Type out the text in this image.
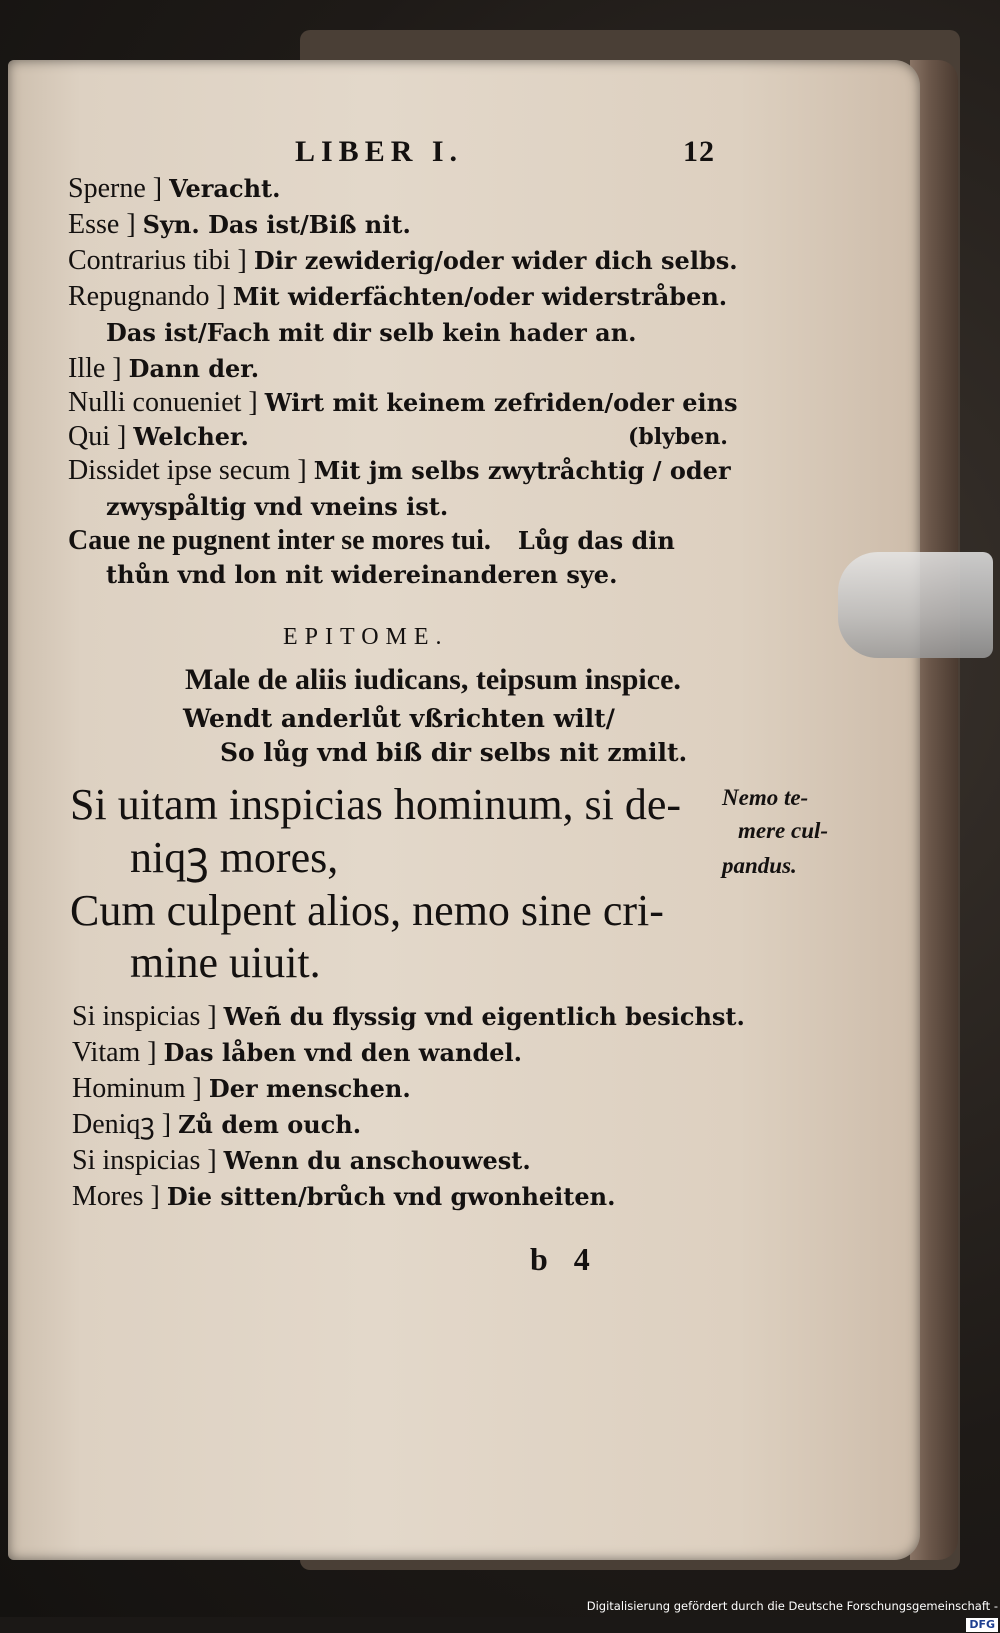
LIBER I.	12
Sperne ] Veracht.
Esse ] Syn. Das ist/Biß nit.
Contrarius tibi ] Dir zewiderig/oder wider dich selbs.
Repugnando ] Mit widerfächten/oder widerstråben.
Das ist/Fach mit dir selb kein hader an.
Ille ] Dann der.
Nulli conueniet ] Wirt mit keinem zefriden/oder eins
Qui ] Welcher.	(blyben.
Dissidet ipse secum ] Mit jm selbs zwytråchtig / oder
zwyspåltig vnd vneins ist.
Caue ne pugnent inter se mores tui. Lůg das din
thůn vnd lon nit widereinanderen sye.
EPITOME.
Male de aliis iudicans, teipsum inspice.
Wendt anderlůt vßrichten wilt/
So lůg vnd biß dir selbs nit zmilt.
Si uitam inspicias hominum, si de-
niqꝫ mores,
Cum culpent alios, nemo sine cri-
mine uiuit.
Nemo te-
mere cul-
pandus.
Si inspicias ] Weñ du flyssig vnd eigentlich besichst.
Vitam ] Das låben vnd den wandel.
Hominum ] Der menschen.
Deniqꝫ ] Zů dem ouch.
Si inspicias ] Wenn du anschouwest.
Mores ] Die sitten/brůch vnd gwonheiten.
b 4
Digitalisierung gefördert durch die Deutsche Forschungsgemeinschaft -DFG
